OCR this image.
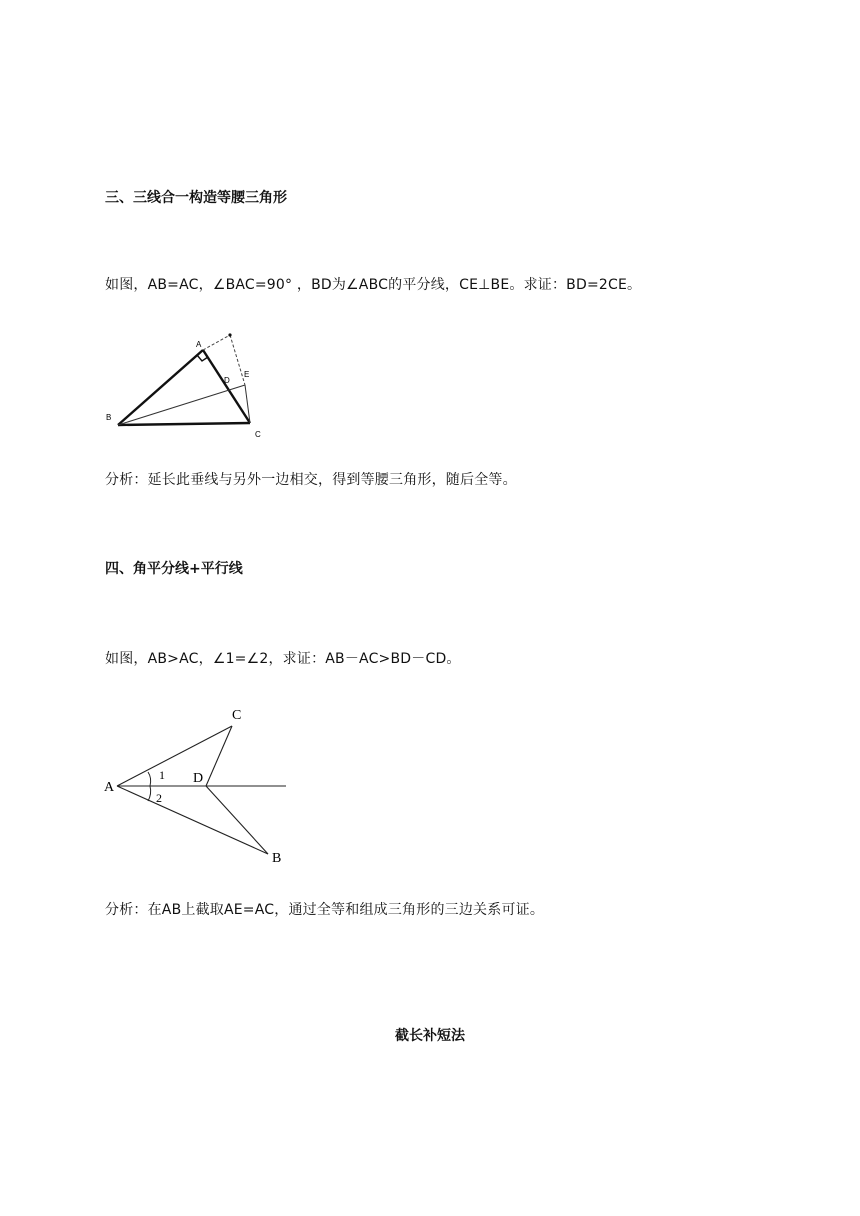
三、三线合一构造等腰三角形
如图，AB=AC，∠BAC=90° ，BD为∠ABC的平分线，CE⊥BE。求证：BD=2CE。
A
B
C
D
E
分析：延长此垂线与另外一边相交，得到等腰三角形，随后全等。
四、角平分线+平行线
如图，AB>AC，∠1=∠2，求证：AB－AC>BD－CD。
A
C
D
B
1
2
分析：在AB上截取AE=AC，通过全等和组成三角形的三边关系可证。
截长补短法
